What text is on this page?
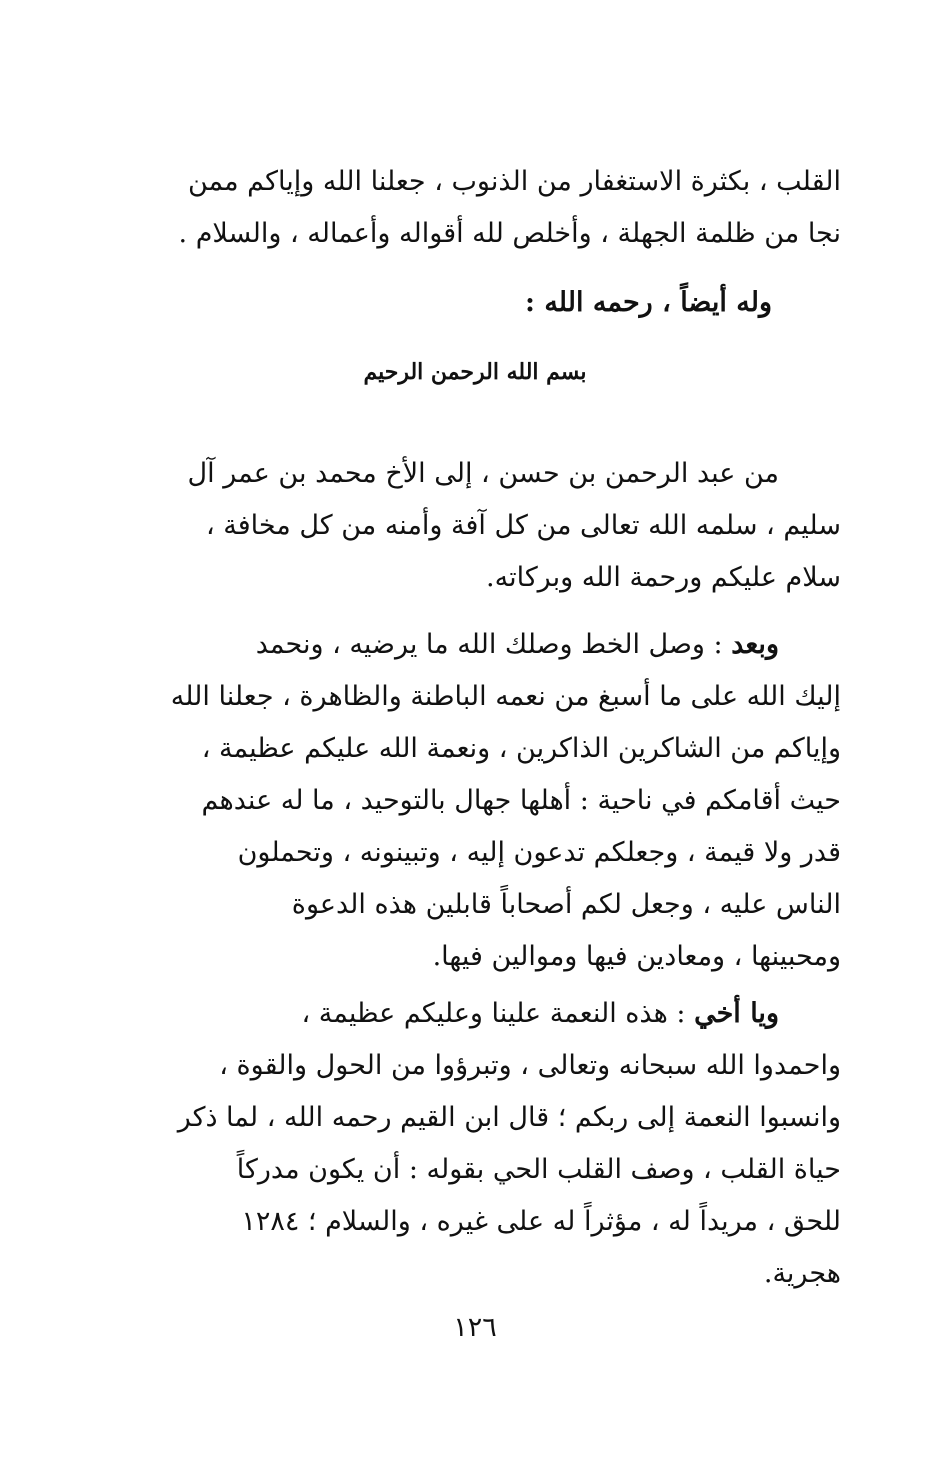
القلب ، بكثرة الاستغفار من الذنوب ، جعلنا الله وإياكم ممن

نجا من ظلمة الجهلة ، وأخلص لله أقواله وأعماله ، والسلام .

وله أيضاً ، رحمه الله :
بسم الله الرحمن الرحيم

من عبد الرحمن بن حسن ، إلى الأخ محمد بن عمر آل

سليم ، سلمه الله تعالى من كل آفة وأمنه من كل مخافة ،

سلام عليكم ورحمة الله وبركاته.

وبعد : وصل الخط وصلك الله ما يرضيه ، ونحمد

إليك الله على ما أسبغ من نعمه الباطنة والظاهرة ، جعلنا الله

وإياكم من الشاكرين الذاكرين ، ونعمة الله عليكم عظيمة ،

حيث أقامكم في ناحية : أهلها جهال بالتوحيد ، ما له عندهم

قدر ولا قيمة ، وجعلكم تدعون إليه ، وتبينونه ، وتحملون

الناس عليه ، وجعل لكم أصحاباً قابلين هذه الدعوة

ومحبينها ، ومعادين فيها وموالين فيها.

ويا أخي : هذه النعمة علينا وعليكم عظيمة ،

واحمدوا الله سبحانه وتعالى ، وتبرؤوا من الحول والقوة ،

وانسبوا النعمة إلى ربكم ؛ قال ابن القيم رحمه الله ، لما ذكر

حياة القلب ، وصف القلب الحي بقوله : أن يكون مدركاً

للحق ، مريداً له ، مؤثراً له على غيره ، والسلام ؛ ١٢٨٤

هجرية.

١٢٦
